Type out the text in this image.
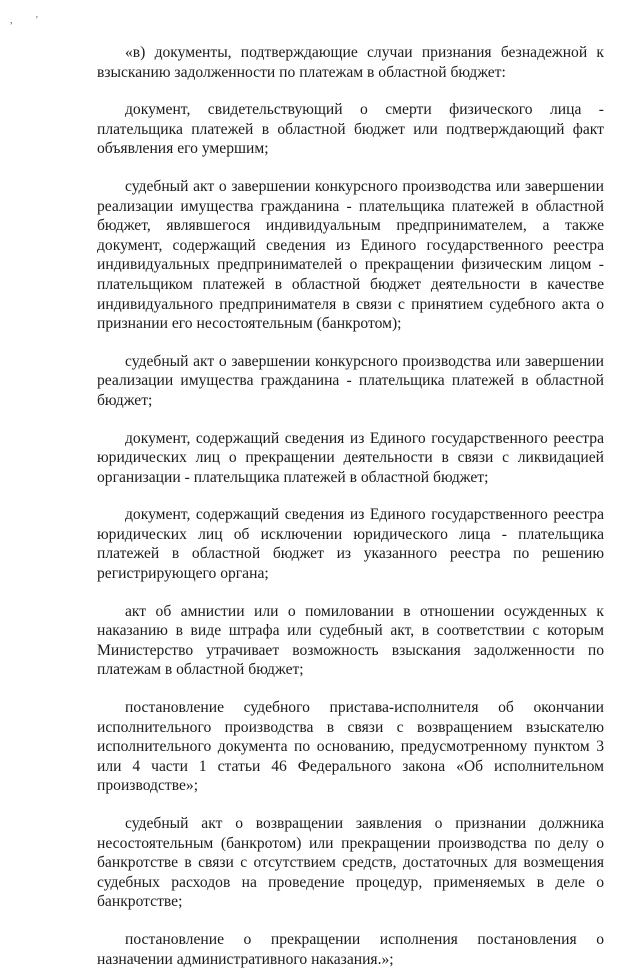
, '

«в) документы, подтверждающие случаи признания безнадежной к взысканию задолженности по платежам в областной бюджет:

документ, свидетельствующий о смерти физического лица - плательщика платежей в областной бюджет или подтверждающий факт объявления его умершим;

судебный акт о завершении конкурсного производства или завершении реализации имущества гражданина - плательщика платежей в областной бюджет, являвшегося индивидуальным предпринимателем, а также документ, содержащий сведения из Единого государственного реестра индивидуальных предпринимателей о прекращении физическим лицом - плательщиком платежей в областной бюджет деятельности в качестве индивидуального предпринимателя в связи с принятием судебного акта о признании его несостоятельным (банкротом);

судебный акт о завершении конкурсного производства или завершении реализации имущества гражданина - плательщика платежей в областной бюджет;

документ, содержащий сведения из Единого государственного реестра юридических лиц о прекращении деятельности в связи с ликвидацией организации - плательщика платежей в областной бюджет;

документ, содержащий сведения из Единого государственного реестра юридических лиц об исключении юридического лица - плательщика платежей в областной бюджет из указанного реестра по решению регистрирующего органа;

акт об амнистии или о помиловании в отношении осужденных к наказанию в виде штрафа или судебный акт, в соответствии с которым Министерство утрачивает возможность взыскания задолженности по платежам в областной бюджет;

постановление судебного пристава-исполнителя об окончании исполнительного производства в связи с возвращением взыскателю исполнительного документа по основанию, предусмотренному пунктом 3 или 4 части 1 статьи 46 Федерального закона «Об исполнительном производстве»;

судебный акт о возвращении заявления о признании должника несостоятельным (банкротом) или прекращении производства по делу о банкротстве в связи с отсутствием средств, достаточных для возмещения судебных расходов на проведение процедур, применяемых в деле о банкротстве;

постановление о прекращении исполнения постановления о назначении административного наказания.»;
